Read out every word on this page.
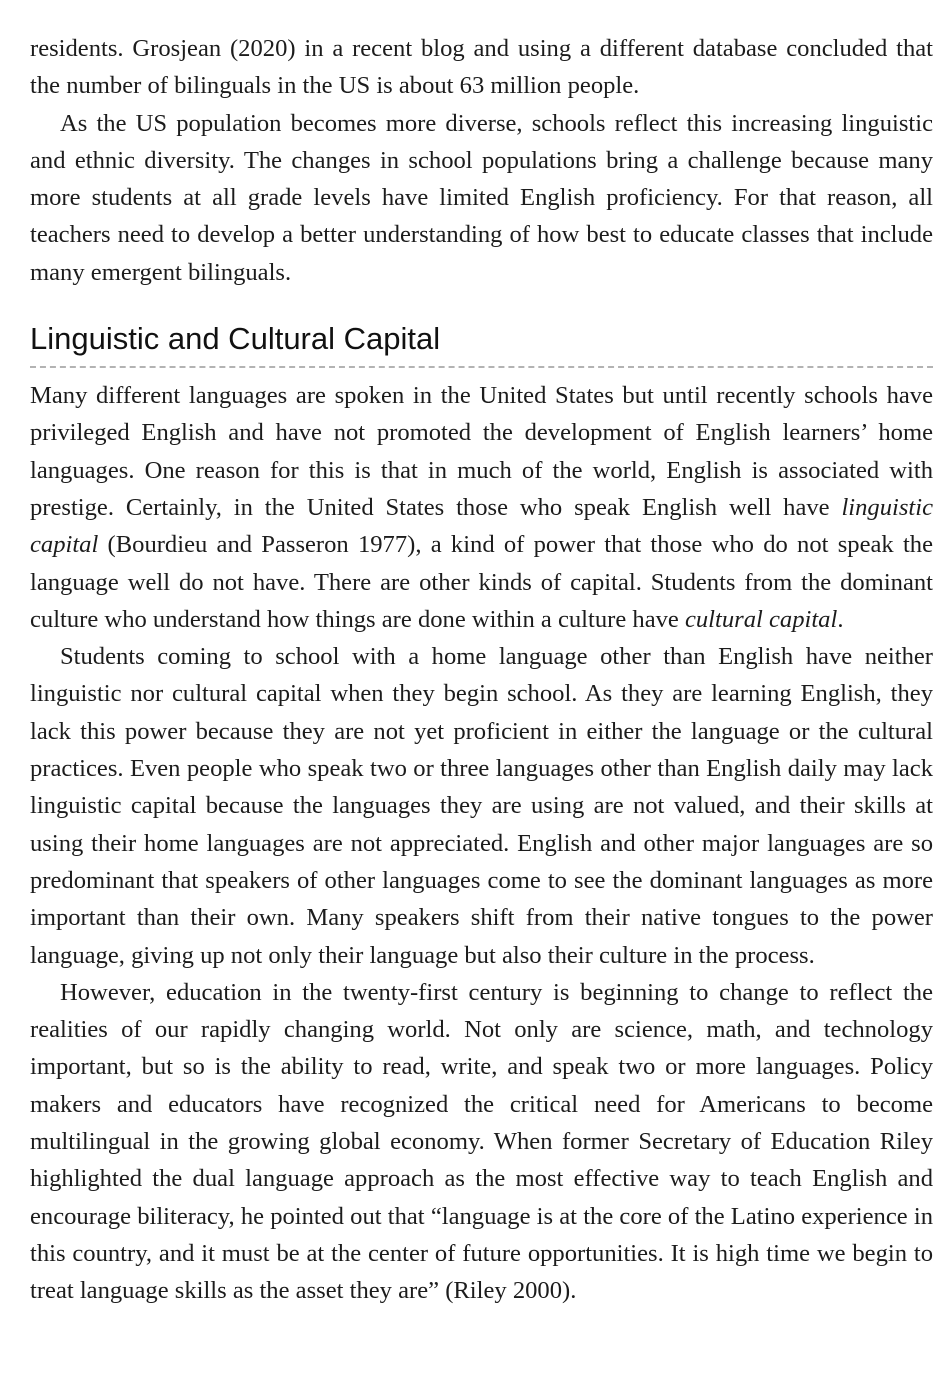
residents. Grosjean (2020) in a recent blog and using a different database concluded that the number of bilinguals in the US is about 63 million people.

As the US population becomes more diverse, schools reflect this increasing linguistic and ethnic diversity. The changes in school populations bring a challenge because many more students at all grade levels have limited English proficiency. For that reason, all teachers need to develop a better understanding of how best to educate classes that include many emergent bilinguals.

Linguistic and Cultural Capital

Many different languages are spoken in the United States but until recently schools have privileged English and have not promoted the development of English learners’ home languages. One reason for this is that in much of the world, English is associated with prestige. Certainly, in the United States those who speak English well have linguistic capital (Bourdieu and Passeron 1977), a kind of power that those who do not speak the language well do not have. There are other kinds of capital. Students from the dominant culture who understand how things are done within a culture have cultural capital.

Students coming to school with a home language other than English have neither linguistic nor cultural capital when they begin school. As they are learning English, they lack this power because they are not yet proficient in either the language or the cultural practices. Even people who speak two or three languages other than English daily may lack linguistic capital because the languages they are using are not valued, and their skills at using their home languages are not appreciated. English and other major languages are so predominant that speakers of other languages come to see the dominant languages as more important than their own. Many speakers shift from their native tongues to the power language, giving up not only their language but also their culture in the process.

However, education in the twenty-first century is beginning to change to reflect the realities of our rapidly changing world. Not only are science, math, and technology important, but so is the ability to read, write, and speak two or more languages. Policy makers and educators have recognized the critical need for Americans to become multilingual in the growing global economy. When former Secretary of Education Riley highlighted the dual language approach as the most effective way to teach English and encourage biliteracy, he pointed out that “language is at the core of the Latino experience in this country, and it must be at the center of future opportunities. It is high time we begin to treat language skills as the asset they are” (Riley 2000).
